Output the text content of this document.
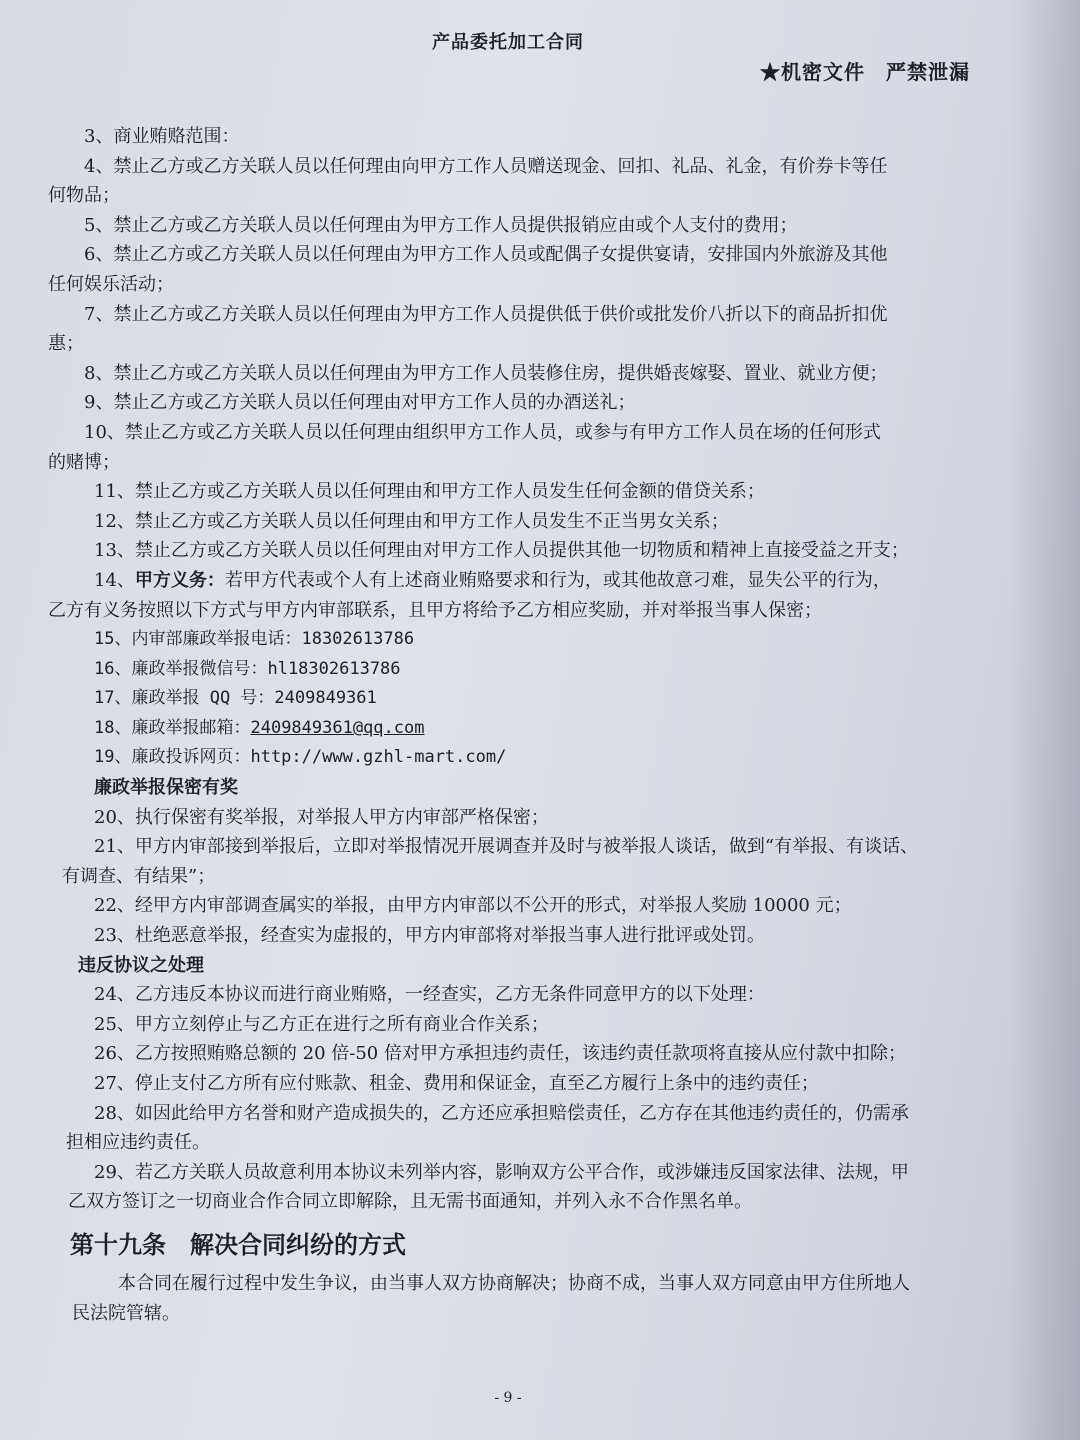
产品委托加工合同
★机密文件　严禁泄漏
3、商业贿赂范围：
4、禁止乙方或乙方关联人员以任何理由向甲方工作人员赠送现金、回扣、礼品、礼金，有价券卡等任
何物品；
5、禁止乙方或乙方关联人员以任何理由为甲方工作人员提供报销应由或个人支付的费用；
6、禁止乙方或乙方关联人员以任何理由为甲方工作人员或配偶子女提供宴请，安排国内外旅游及其他
任何娱乐活动；
7、禁止乙方或乙方关联人员以任何理由为甲方工作人员提供低于供价或批发价八折以下的商品折扣优
惠；
8、禁止乙方或乙方关联人员以任何理由为甲方工作人员装修住房，提供婚丧嫁娶、置业、就业方便；
9、禁止乙方或乙方关联人员以任何理由对甲方工作人员的办酒送礼；
10、禁止乙方或乙方关联人员以任何理由组织甲方工作人员，或参与有甲方工作人员在场的任何形式
的赌博；
11、禁止乙方或乙方关联人员以任何理由和甲方工作人员发生任何金额的借贷关系；
12、禁止乙方或乙方关联人员以任何理由和甲方工作人员发生不正当男女关系；
13、禁止乙方或乙方关联人员以任何理由对甲方工作人员提供其他一切物质和精神上直接受益之开支；
14、甲方义务：若甲方代表或个人有上述商业贿赂要求和行为，或其他故意刁难，显失公平的行为，
乙方有义务按照以下方式与甲方内审部联系，且甲方将给予乙方相应奖励，并对举报当事人保密；
15、内审部廉政举报电话：18302613786
16、廉政举报微信号：hl18302613786
17、廉政举报 QQ 号：2409849361
18、廉政举报邮箱：2409849361@qq.com
19、廉政投诉网页：http://www.gzhl-mart.com/
廉政举报保密有奖
20、执行保密有奖举报，对举报人甲方内审部严格保密；
21、甲方内审部接到举报后，立即对举报情况开展调查并及时与被举报人谈话，做到“有举报、有谈话、
有调查、有结果”；
22、经甲方内审部调查属实的举报，由甲方内审部以不公开的形式，对举报人奖励 10000 元；
23、杜绝恶意举报，经查实为虚报的，甲方内审部将对举报当事人进行批评或处罚。
违反协议之处理
24、乙方违反本协议而进行商业贿赂，一经查实，乙方无条件同意甲方的以下处理：
25、甲方立刻停止与乙方正在进行之所有商业合作关系；
26、乙方按照贿赂总额的 20 倍-50 倍对甲方承担违约责任，该违约责任款项将直接从应付款中扣除；
27、停止支付乙方所有应付账款、租金、费用和保证金，直至乙方履行上条中的违约责任；
28、如因此给甲方名誉和财产造成损失的，乙方还应承担赔偿责任，乙方存在其他违约责任的，仍需承
担相应违约责任。
29、若乙方关联人员故意利用本协议未列举内容，影响双方公平合作，或涉嫌违反国家法律、法规，甲
乙双方签订之一切商业合作合同立即解除，且无需书面通知，并列入永不合作黑名单。
第十九条 解决合同纠纷的方式
本合同在履行过程中发生争议，由当事人双方协商解决；协商不成，当事人双方同意由甲方住所地人
民法院管辖。
- 9 -
